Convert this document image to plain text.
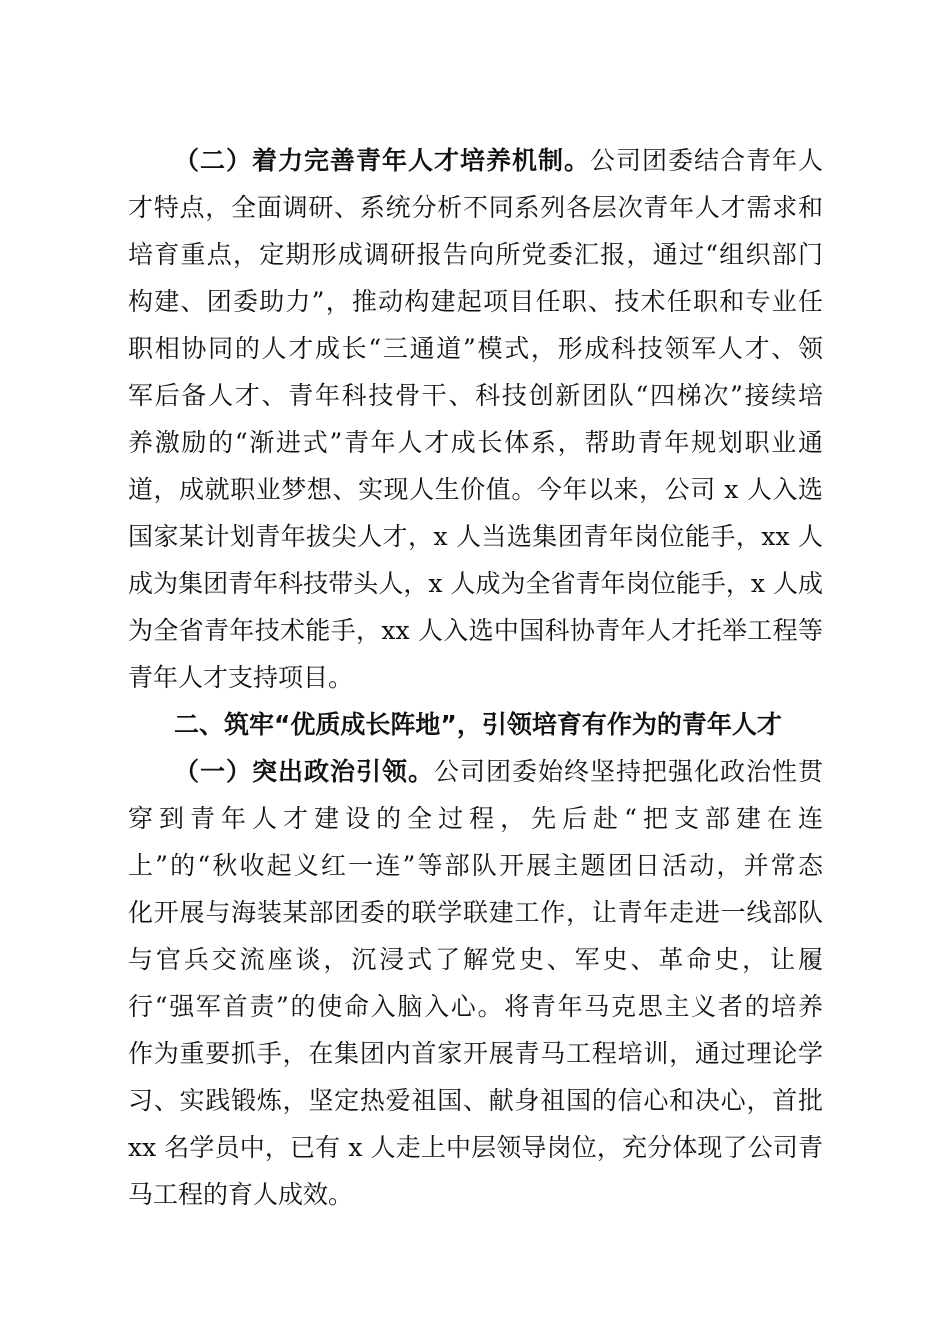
（二）着力完善青年人才培养机制。公司团委结合青年人
才特点，全面调研、系统分析不同系列各层次青年人才需求和
培育重点，定期形成调研报告向所党委汇报，通过“组织部门
构建、团委助力”，推动构建起项目任职、技术任职和专业任
职相协同的人才成长“三通道”模式，形成科技领军人才、领
军后备人才、青年科技骨干、科技创新团队“四梯次”接续培
养激励的“渐进式”青年人才成长体系，帮助青年规划职业通
道，成就职业梦想、实现人生价值。今年以来，公司 x 人入选
国家某计划青年拔尖人才，x 人当选集团青年岗位能手，xx 人
成为集团青年科技带头人，x 人成为全省青年岗位能手，x 人成
为全省青年技术能手，xx 人入选中国科协青年人才托举工程等
青年人才支持项目。
二、筑牢“优质成长阵地”，引领培育有作为的青年人才
（一）突出政治引领。公司团委始终坚持把强化政治性贯
穿到青年人才建设的全过程，先后赴“把支部建在连
上”的“秋收起义红一连”等部队开展主题团日活动，并常态
化开展与海装某部团委的联学联建工作，让青年走进一线部队
与官兵交流座谈，沉浸式了解党史、军史、革命史，让履
行“强军首责”的使命入脑入心。将青年马克思主义者的培养
作为重要抓手，在集团内首家开展青马工程培训，通过理论学
习、实践锻炼，坚定热爱祖国、献身祖国的信心和决心，首批
xx 名学员中，已有 x 人走上中层领导岗位，充分体现了公司青
马工程的育人成效。
